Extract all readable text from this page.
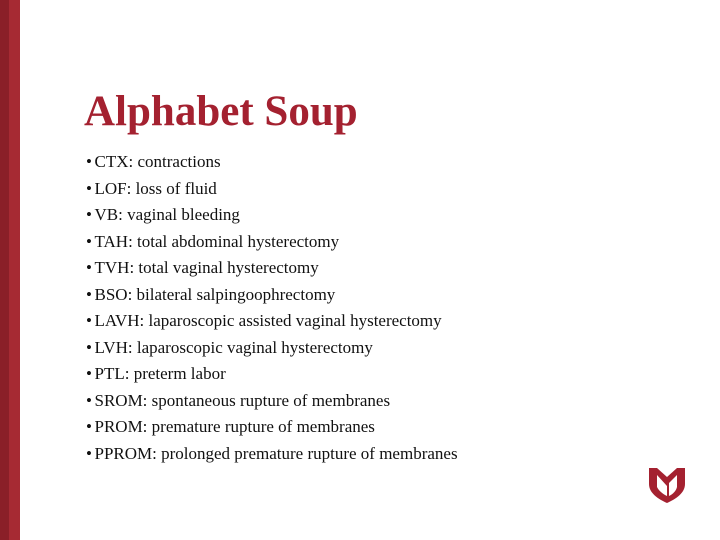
Alphabet Soup
• CTX: contractions
• LOF: loss of fluid
• VB: vaginal bleeding
• TAH: total abdominal hysterectomy
• TVH: total vaginal hysterectomy
• BSO: bilateral salpingoophrectomy
• LAVH: laparoscopic assisted vaginal hysterectomy
• LVH: laparoscopic vaginal hysterectomy
• PTL: preterm labor
• SROM: spontaneous rupture of membranes
• PROM: premature rupture of membranes
• PPROM: prolonged premature rupture of membranes
